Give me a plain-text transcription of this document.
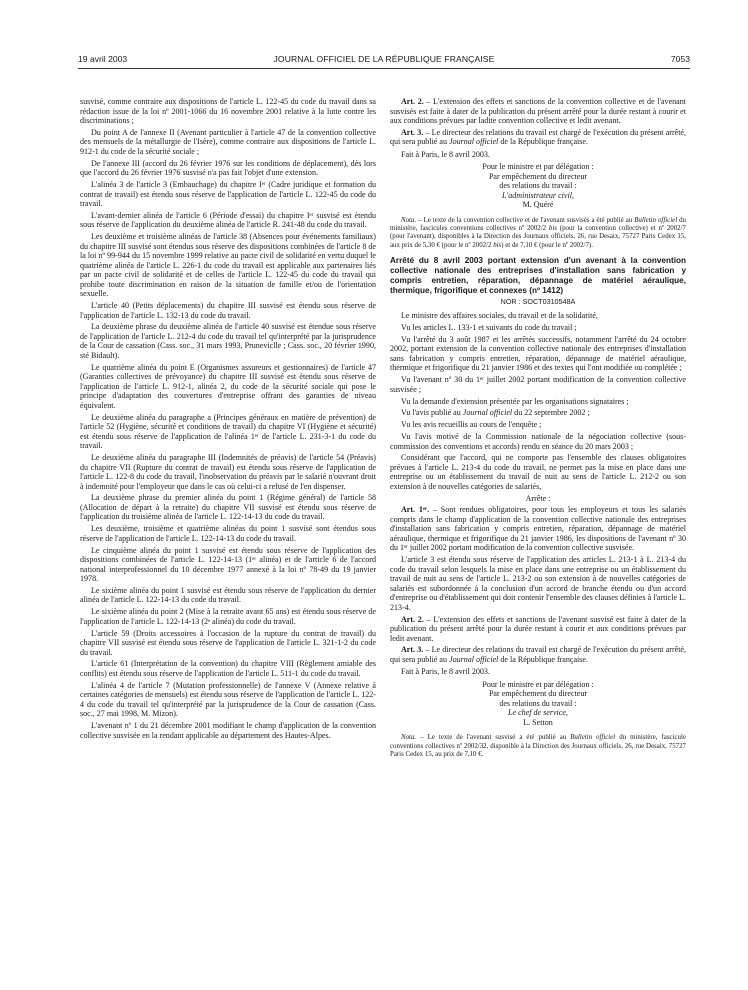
19 avril 2003	JOURNAL OFFICIEL DE LA RÉPUBLIQUE FRANÇAISE	7053

susvisé, comme contraire aux dispositions de l'article L. 122-45 du code du travail dans sa rédaction issue de la loi nº 2001-1066 du 16 novembre 2001 relative à la lutte contre les discriminations ;

Du point A de l'annexe II (Avenant particulier à l'article 47 de la convention collective des mensuels de la métallurgie de l'Isère), comme contraire aux dispositions de l'article L. 912-1 du code de la sécurité sociale ;

De l'annexe III (accord du 26 février 1976 sur les conditions de déplacement), dès lors que l'accord du 26 février 1976 susvisé n'a pas fait l'objet d'une extension.

L'alinéa 3 de l'article 3 (Embauchage) du chapitre Iᵉʳ (Cadre juridique et formation du contrat de travail) est étendu sous réserve de l'application de l'article L. 122-45 du code du travail.

L'avant-dernier alinéa de l'article 6 (Période d'essai) du chapitre Iᵉʳ susvisé est étendu sous réserve de l'application du deuxième alinéa de l'article R. 241-48 du code du travail.

Les deuxième et troisième alinéas de l'article 38 (Absences pour événements familiaux) du chapitre III susvisé sont étendus sous réserve des dispositions combinées de l'article 8 de la loi nº 99-944 du 15 novembre 1999 relative au pacte civil de solidarité en vertu duquel le quatrième alinéa de l'article L. 226-1 du code du travail est applicable aux partenaires liés par un pacte civil de solidarité et de celles de l'article L. 122-45 du code du travail qui prohibe toute discrimination en raison de la situation de famille et/ou de l'orientation sexuelle.

L'article 40 (Petits déplacements) du chapitre III susvisé est étendu sous réserve de l'application de l'article L. 132-13 du code du travail.

La deuxième phrase du deuxième alinéa de l'article 40 susvisé est étendue sous réserve de l'application de l'article L. 212-4 du code du travail tel qu'interprété par la jurisprudence de la Cour de cassation (Cass. soc., 31 mars 1993, Pruneviclle ; Cass. soc., 20 février 1990, sté Bidault).

Le quatrième alinéa du point E (Organismes assureurs et gestionnaires) de l'article 47 (Garanties collectives de prévoyance) du chapitre III susvisé est étendu sous réserve de l'application de l'article L. 912-1, alinéa 2, du code de la sécurité sociale qui pose le principe d'adaptation des couvertures d'entreprise offrant des garanties de niveau équivalent.

Le deuxième alinéa du paragraphe a (Principes généraux en matière de prévention) de l'article 52 (Hygiène, sécurité et conditions de travail) du chapitre VI (Hygiène et sécurité) est étendu sous réserve de l'application de l'alinéa 1ᵉʳ de l'article L. 231-3-1 du code du travail.

Le deuxième alinéa du paragraphe III (Indemnités de préavis) de l'article 54 (Préavis) du chapitre VII (Rupture du contrat de travail) est étendu sous réserve de l'application de l'article L. 122-8 du code du travail, l'inobservation du préavis par le salarié n'ouvrant droit à indemnité pour l'employeur que dans le cas où celui-ci a refusé de l'en dispenser.

La deuxième phrase du premier alinéa du point 1 (Régime général) de l'article 58 (Allocation de départ à la retraite) du chapitre VII susvisé est étendu sous réserve de l'application du troisième alinéa de l'article L. 122-14-13 du code du travail.

Les deuxième, troisième et quatrième alinéas du point 1 susvisé sont étendus sous réserve de l'application de l'article L. 122-14-13 du code du travail.

Le cinquième alinéa du point 1 susvisé est étendu sous réserve de l'application des dispositions combinées de l'article L. 122-14-13 (1ᵉʳ alinéa) et de l'article 6 de l'accord national interprofessionnel du 10 décembre 1977 annexé à la loi nº 78-49 du 19 janvier 1978.

Le sixième alinéa du point 1 susvisé est étendu sous réserve de l'application du dernier alinéa de l'article L. 122-14-13 du code du travail.

Le sixième alinéa du point 2 (Mise à la retraite avant 65 ans) est étendu sous réserve de l'application de l'article L. 122-14-13 (2ᵉ alinéa) du code du travail.

L'article 59 (Droits accessoires à l'occasion de la rupture du contrat de travail) du chapitre VII susvisé est étendu sous réserve de l'application de l'article L. 321-1-2 du code du travail.

L'article 61 (Interprétation de la convention) du chapitre VIII (Règlement amiable des conflits) est étendu sous réserve de l'application de l'article L. 511-1 du code du travail.

L'alinéa 4 de l'article 7 (Mutation professionnelle) de l'annexe V (Annexe relative à certaines catégories de mensuels) est étendu sous réserve de l'application de l'article L. 122-4 du code du travail tel qu'interprété par la jurisprudence de la Cour de cassation (Cass. soc., 27 mai 1998, M. Mizon).

L'avenant nº 1 du 21 décembre 2001 modifiant le champ d'application de la convention collective susvisée en la rendant applicable au département des Hautes-Alpes.

Art. 2. – L'extension des effets et sanctions de la convention collective et de l'avenant susvisés est faite à dater de la publication du présent arrêté pour la durée restant à courir et aux conditions prévues par ladite convention collective et ledit avenant.

Art. 3. – Le directeur des relations du travail est chargé de l'exécution du présent arrêté, qui sera publié au Journal officiel de la République française.

Fait à Paris, le 8 avril 2003.

Pour le ministre et par délégation :

Par empêchement du directeur

des relations du travail :

L'administrateur civil,

M. Quéré

Nota. – Le texte de la convention collective et de l'avenant susvisés a été publié au Bulletin officiel du ministère, fascicules conventions collectives nº 2002/2 bis (pour la convention collective) et nº 2002/7 (pour l'avenant), disponibles à la Direction des Journaux officiels, 26, rue Desaix, 75727 Paris Cedex 15, aux prix de 5,30 € (pour le nº 2002/2 bis) et de 7,10 € (pour le nº 2002/7).

Arrêté du 8 avril 2003 portant extension d'un avenant à la convention collective nationale des entreprises d'installation sans fabrication y compris entretien, réparation, dépannage de matériel aéraulique, thermique, frigorifique et connexes (nº 1412)

NOR : SOCT0310548A

Le ministre des affaires sociales, du travail et de la solidarité,

Vu les articles L. 133-1 et suivants du code du travail ;

Vu l'arrêté du 3 août 1987 et les arrêtés successifs, notamment l'arrêté du 24 octobre 2002, portant extension de la convention collective nationale des entreprises d'installation sans fabrication y compris entretien, réparation, dépannage de matériel aéraulique, thermique et frigorifique du 21 janvier 1986 et des textes qui l'ont modifiée ou complétée ;

Vu l'avenant nº 30 du 1ᵉʳ juillet 2002 portant modification de la convention collective susvisée ;

Vu la demande d'extension présentée par les organisations signataires ;

Vu l'avis publié au Journal officiel du 22 septembre 2002 ;

Vu les avis recueillis au cours de l'enquête ;

Vu l'avis motivé de la Commission nationale de la négociation collective (sous-commission des conventions et accords) rendu en séance du 20 mars 2003 ;

Considérant que l'accord, qui ne comporte pas l'ensemble des clauses obligatoires prévues à l'article L. 213-4 du code du travail, ne permet pas la mise en place dans une entreprise ou un établissement du travail de nuit au sens de l'article L. 212-2 ou son extension à de nouvelles catégories de salariés,

Arrête :

Art. 1ᵉʳ. – Sont rendues obligatoires, pour tous les employeurs et tous les salariés compris dans le champ d'application de la convention collective nationale des entreprises d'installation sans fabrication y compris entretien, réparation, dépannage de matériel aéraulique, thermique et frigorifique du 21 janvier 1986, les dispositions de l'avenant nº 30 du 1ᵉʳ juillet 2002 portant modification de la convention collective susvisée.

L'article 3 est étendu sous réserve de l'application des articles L. 213-1 à L. 213-4 du code du travail selon lesquels la mise en place dans une entreprise ou un établissement du travail de nuit au sens de l'article L. 213-2 ou son extension à de nouvelles catégories de salariés est subordonnée à la conclusion d'un accord de branche étendu ou d'un accord d'entreprise ou d'établissement qui doit contenir l'ensemble des clauses définies à l'article L. 213-4.

Art. 2. – L'extension des effets et sanctions de l'avenant susvisé est faite à dater de la publication du présent arrêté pour la durée restant à courir et aux conditions prévues par ledit avenant.

Art. 3. – Le directeur des relations du travail est chargé de l'exécution du présent arrêté, qui sera publié au Journal officiel de la République française.

Fait à Paris, le 8 avril 2003.

Pour le ministre et par délégation :

Par empêchement du directeur

des relations du travail :

Le chef de service,

L. Setton

Nota. – Le texte de l'avenant susvisé a été publié au Bulletin officiel du ministère, fascicule conventions collectives nº 2002/32, disponible à la Direction des Journaux officiels, 26, rue Desaix, 75727 Paris Cedex 15, au prix de 7,10 €.
